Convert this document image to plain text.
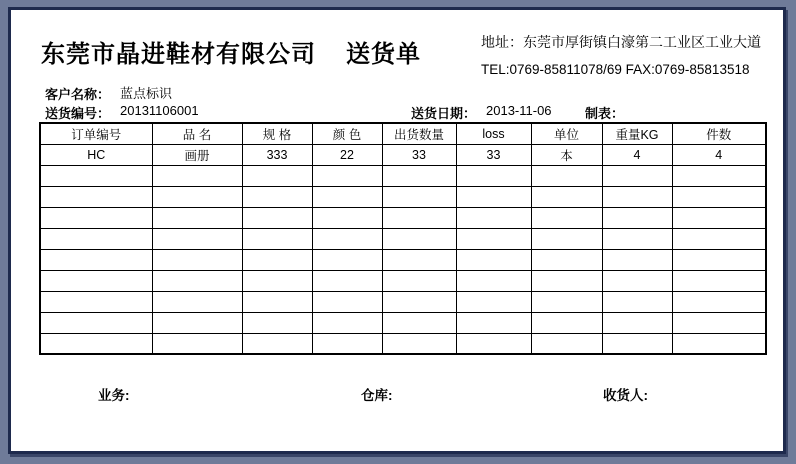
东莞市晶进鞋材有限公司 送货单	地址：东莞市厚街镇白濠第二工业区工业大道
TEL:0769-85811078/69 FAX:0769-85813518
客户名称： 蓝点标识
送货编号： 20131106001	送货日期： 2013-11-06	制表：
订单编号	品 名	规 格	颜 色	出货数量	loss	单位	重量KG	件数
HC	画册	333	22	33	33	本	4	4

业务:	仓库:	收货人:
